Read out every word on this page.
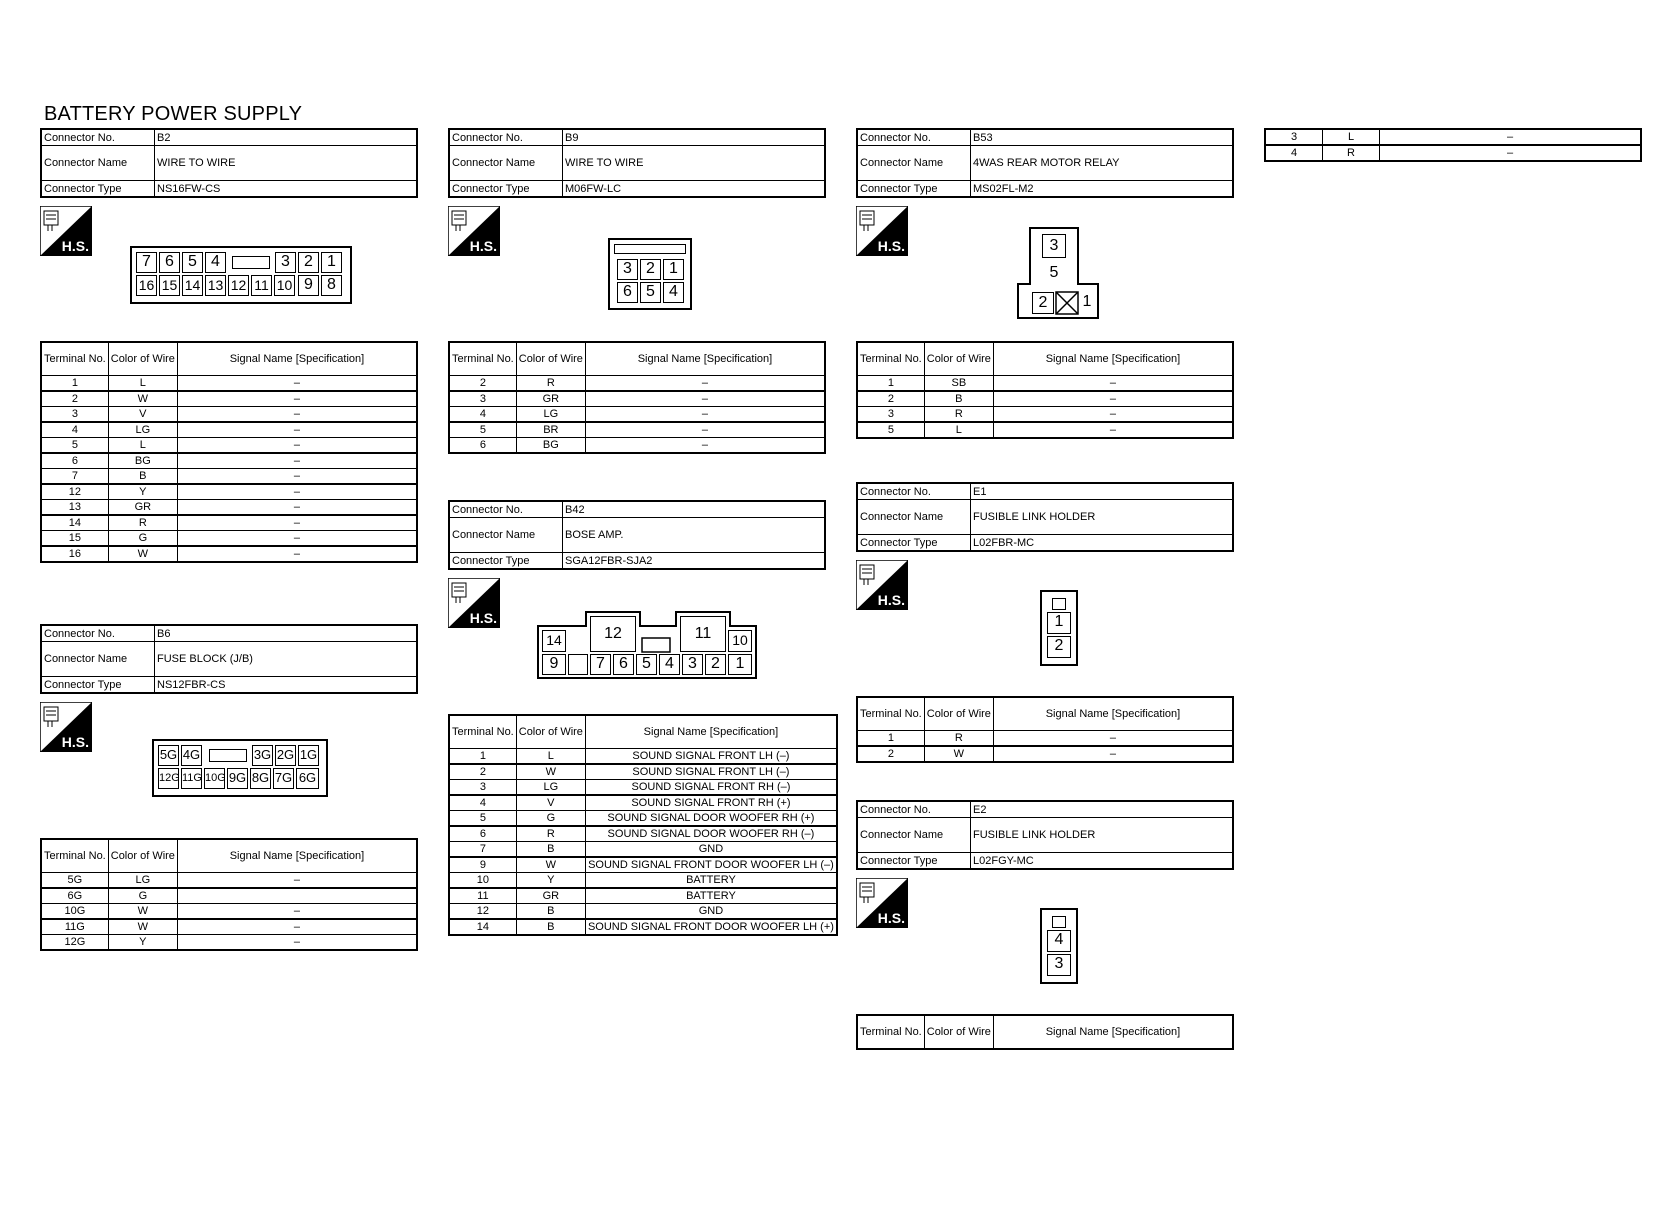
BATTERY POWER SUPPLY
Connector No.	B2
Connector Name	WIRE TO WIRE
Connector Type	NS16FW-CS
H.S.
7 6 5 4	3 2 1
16 15 14 13 12 11 10 9 8
Terminal No.	Color of Wire	Signal Name [Specification]
1	L	–
2	W	–
3	V	–
4	LG	–
5	L	–
6	BG	–
7	B	–
12	Y	–
13	GR	–
14	R	–
15	G	–
16	W	–
Connector No.	B6
Connector Name	FUSE BLOCK (J/B)
Connector Type	NS12FBR-CS
H.S.
5G 4G	3G 2G 1G
12G 11G 10G 9G 8G 7G 6G
Terminal No.	Color of Wire	Signal Name [Specification]
5G	LG	–
6G	G	
10G	W	–
11G	W	–
12G	Y	–
Connector No.	B9
Connector Name	WIRE TO WIRE
Connector Type	M06FW-LC
H.S.
3 2 1
6 5 4
Terminal No.	Color of Wire	Signal Name [Specification]
2	R	–
3	GR	–
4	LG	–
5	BR	–
6	BG	–
Connector No.	B42
Connector Name	BOSE AMP.
Connector Type	SGA12FBR-SJA2
H.S.
14	12	11	10
9	7 6 5 4 3 2 1
Terminal No.	Color of Wire	Signal Name [Specification]
1	L	SOUND SIGNAL FRONT LH (–)
2	W	SOUND SIGNAL FRONT LH (–)
3	LG	SOUND SIGNAL FRONT RH (–)
4	V	SOUND SIGNAL FRONT RH (+)
5	G	SOUND SIGNAL DOOR WOOFER RH (+)
6	R	SOUND SIGNAL DOOR WOOFER RH (–)
7	B	GND
9	W	SOUND SIGNAL FRONT DOOR WOOFER LH (–)
10	Y	BATTERY
11	GR	BATTERY
12	B	GND
14	B	SOUND SIGNAL FRONT DOOR WOOFER LH (+)
Connector No.	B53
Connector Name	4WAS REAR MOTOR RELAY
Connector Type	MS02FL-M2
H.S.	3
5
2	1
Terminal No.	Color of Wire	Signal Name [Specification]
1	SB	–
2	B	–
3	R	–
5	L	–
Connector No.	E1
Connector Name	FUSIBLE LINK HOLDER
Connector Type	L02FBR-MC
H.S.
1
2
Terminal No.	Color of Wire	Signal Name [Specification]
1	R	–
2	W	–
Connector No.	E2
Connector Name	FUSIBLE LINK HOLDER
Connector Type	L02FGY-MC
H.S.
4
3
Terminal No.	Color of Wire	Signal Name [Specification]
3	L	–
4	R	–
